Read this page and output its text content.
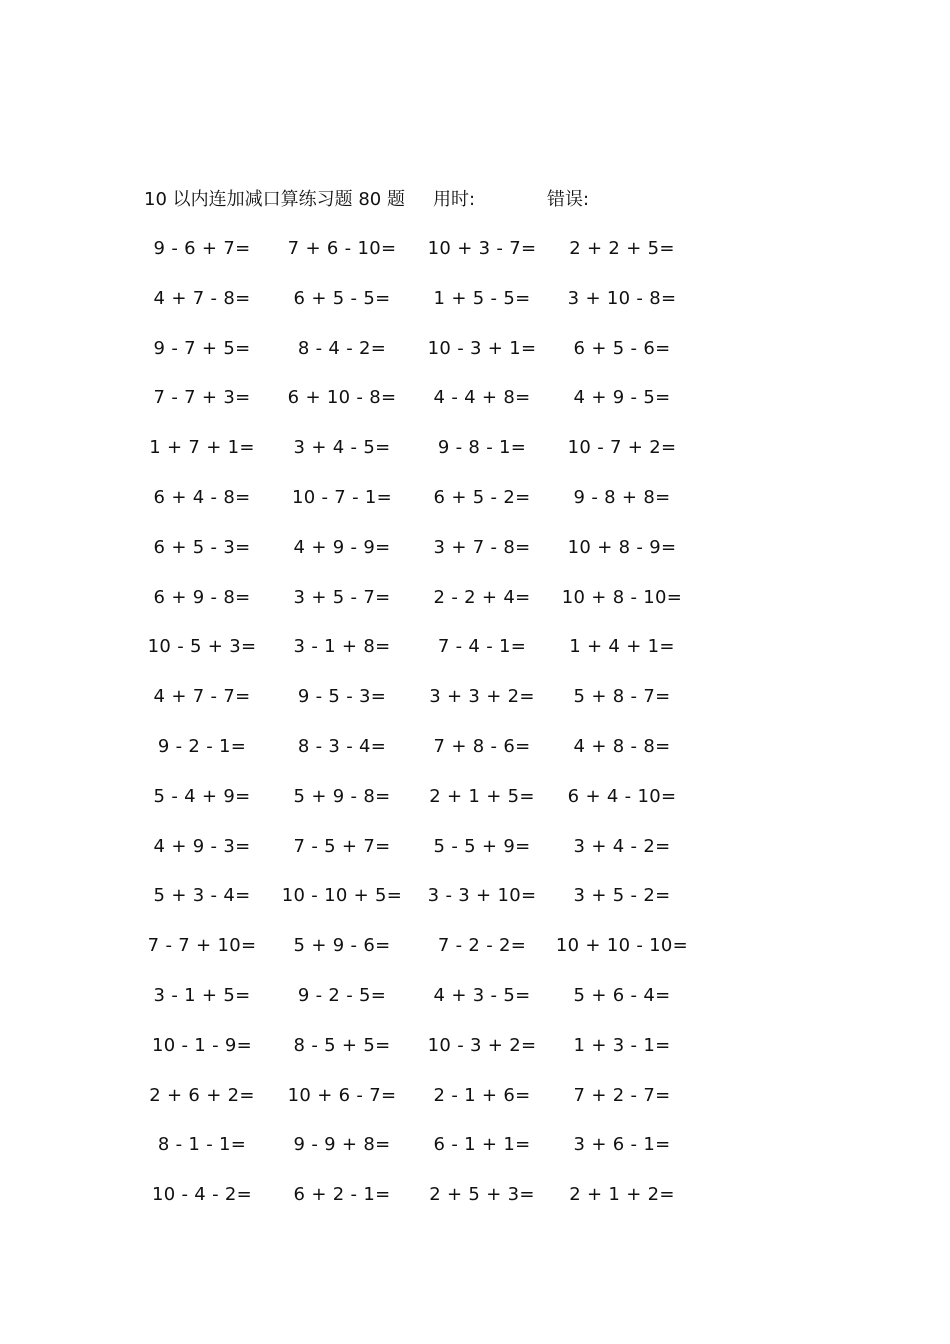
10 以内连加减口算练习题 80 题 用时:	错误:
9 - 6 + 7=	7 + 6 - 10=	10 + 3 - 7=	2 + 2 + 5=
4 + 7 - 8=	6 + 5 - 5=	1 + 5 - 5=	3 + 10 - 8=
9 - 7 + 5=	8 - 4 - 2=	10 - 3 + 1=	6 + 5 - 6=
7 - 7 + 3=	6 + 10 - 8=	4 - 4 + 8=	4 + 9 - 5=
1 + 7 + 1=	3 + 4 - 5=	9 - 8 - 1=	10 - 7 + 2=
6 + 4 - 8=	10 - 7 - 1=	6 + 5 - 2=	9 - 8 + 8=
6 + 5 - 3=	4 + 9 - 9=	3 + 7 - 8=	10 + 8 - 9=
6 + 9 - 8=	3 + 5 - 7=	2 - 2 + 4=	10 + 8 - 10=
10 - 5 + 3=	3 - 1 + 8=	7 - 4 - 1=	1 + 4 + 1=
4 + 7 - 7=	9 - 5 - 3=	3 + 3 + 2=	5 + 8 - 7=
9 - 2 - 1=	8 - 3 - 4=	7 + 8 - 6=	4 + 8 - 8=
5 - 4 + 9=	5 + 9 - 8=	2 + 1 + 5=	6 + 4 - 10=
4 + 9 - 3=	7 - 5 + 7=	5 - 5 + 9=	3 + 4 - 2=
5 + 3 - 4=	10 - 10 + 5=	3 - 3 + 10=	3 + 5 - 2=
7 - 7 + 10=	5 + 9 - 6=	7 - 2 - 2=	10 + 10 - 10=
3 - 1 + 5=	9 - 2 - 5=	4 + 3 - 5=	5 + 6 - 4=
10 - 1 - 9=	8 - 5 + 5=	10 - 3 + 2=	1 + 3 - 1=
2 + 6 + 2=	10 + 6 - 7=	2 - 1 + 6=	7 + 2 - 7=
8 - 1 - 1=	9 - 9 + 8=	6 - 1 + 1=	3 + 6 - 1=
10 - 4 - 2=	6 + 2 - 1=	2 + 5 + 3=	2 + 1 + 2=
